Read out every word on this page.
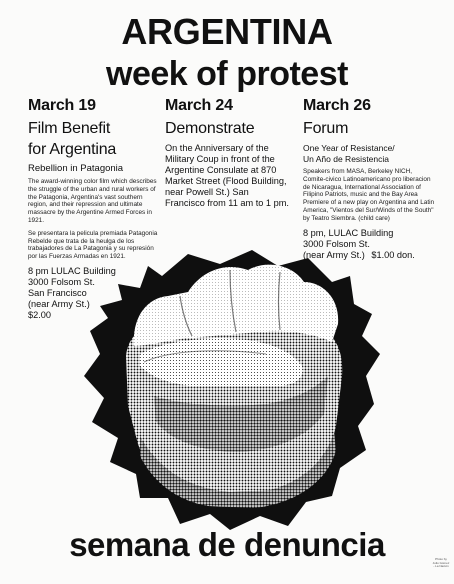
ARGENTINA
week of protest
March 19
Film Benefit
for Argentina
Rebellion in Patagonia

The award-winning color film which describes the struggle of the urban and rural workers of the Patagonia, Argentina's vast southern region, and their repression and ultimate massacre by the Argentine Armed Forces in 1921.

Se presentara la pelicula premiada Patagonia Rebelde que trata de la heulga de los trabajadores de La Patagonia y su represión por las Fuerzas Armadas en 1921.

8 pm LULAC Building

3000 Folsom St.

San Francisco

(near Army St.)

$2.00

March 24
Demonstrate

On the Anniversary of the Military Coup in front of the Argentine Consulate at 870 Market Street (Flood Building, near Powell St.) San Francisco from 11 am to 1 pm.

March 26
Forum
One Year of Resistance/
Un Año de Resistencia

Speakers from MASA, Berkeley NICH, Comite-civico Latinoamericano pro liberacion de Nicaragua, International Association of Filipino Patriots, music and the Bay Area Premiere of a new play on Argentina and Latin America, "Vientos del Sur/Winds of the South" by Teatro Siembra. (child care)

8 pm, LULAC Building

3000 Folsom St.

(near Army St.) $1.00 don.

semana de denuncia	Photo by Julio Gómez - La Nación
